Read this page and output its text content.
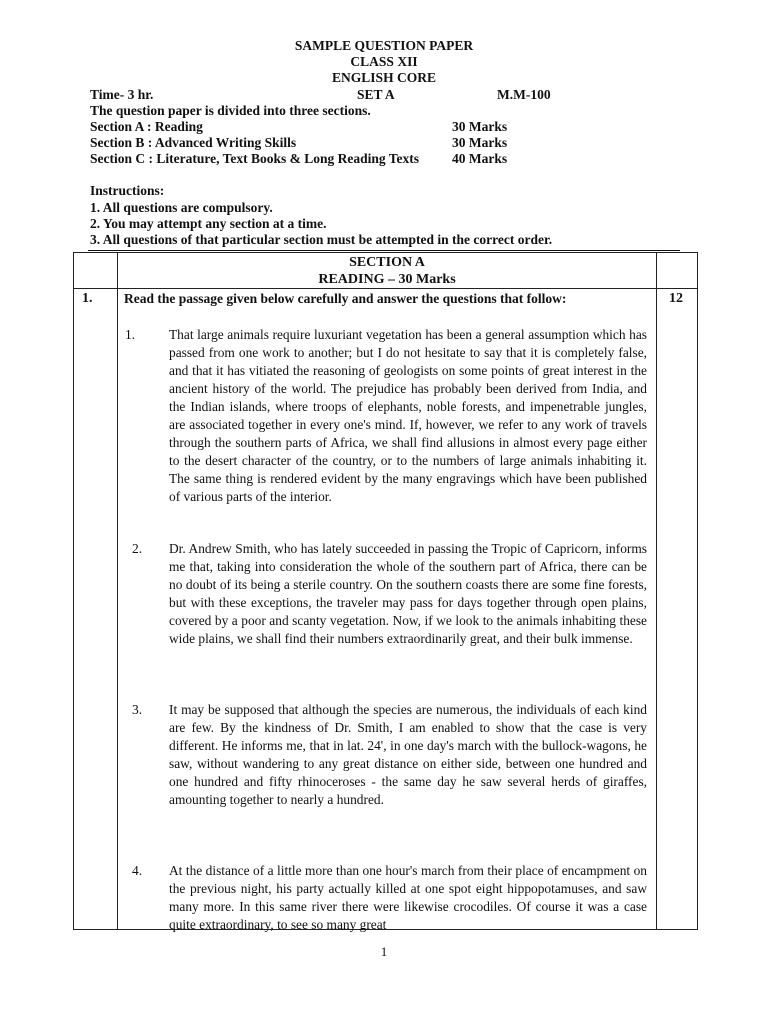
SAMPLE QUESTION PAPER
CLASS XII
ENGLISH CORE
Time- 3 hr.	SET A	M.M-100
The question paper is divided into three sections.
Section A : Reading	30 Marks
Section B : Advanced Writing Skills	30 Marks
Section C : Literature, Text Books & Long Reading Texts 40 Marks
Instructions:
1. All questions are compulsory.
2. You may attempt any section at a time.
3. All questions of that particular section must be attempted in the correct order.
SECTION A
READING – 30 Marks
1. Read the passage given below carefully and answer the questions that follow:	12
1.	That large animals require luxuriant vegetation has been a general assumption which has passed from one work to another; but I do not hesitate to say that it is completely false, and that it has vitiated the reasoning of geologists on some points of great interest in the ancient history of the world. The prejudice has probably been derived from India, and the Indian islands, where troops of elephants, noble forests, and impenetrable jungles, are associated together in every one's mind. If, however, we refer to any work of travels through the southern parts of Africa, we shall find allusions in almost every page either to the desert character of the country, or to the numbers of large animals inhabiting it. The same thing is rendered evident by the many engravings which have been published of various parts of the interior.
2. Dr. Andrew Smith, who has lately succeeded in passing the Tropic of Capricorn, informs me that, taking into consideration the whole of the southern part of Africa, there can be no doubt of its being a sterile country. On the southern coasts there are some fine forests, but with these exceptions, the traveler may pass for days together through open plains, covered by a poor and scanty vegetation. Now, if we look to the animals inhabiting these wide plains, we shall find their numbers extraordinarily great, and their bulk immense.
3. It may be supposed that although the species are numerous, the individuals of each kind are few. By the kindness of Dr. Smith, I am enabled to show that the case is very different. He informs me, that in lat. 24', in one day's march with the bullock-wagons, he saw, without wandering to any great distance on either side, between one hundred and one hundred and fifty rhinoceroses - the same day he saw several herds of giraffes, amounting together to nearly a hundred.
4. At the distance of a little more than one hour's march from their place of encampment on the previous night, his party actually killed at one spot eight hippopotamuses, and saw many more. In this same river there were likewise crocodiles. Of course it was a case quite extraordinary, to see so many great
1
